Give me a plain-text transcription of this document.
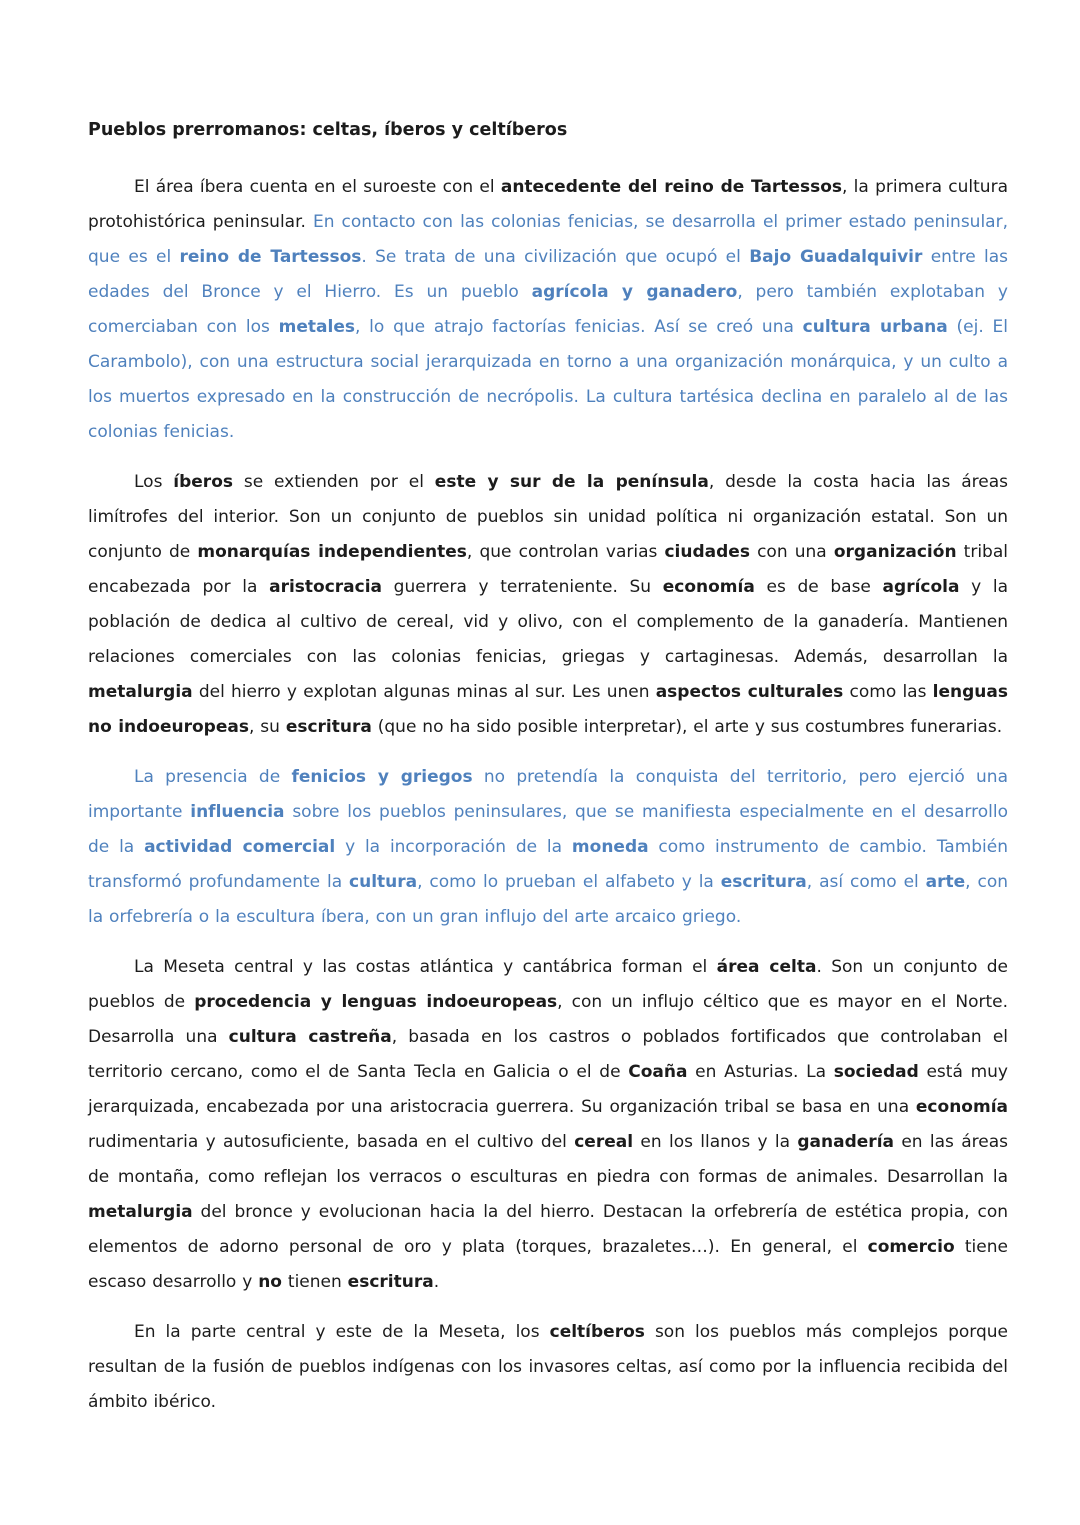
Pueblos prerromanos: celtas, íberos y celtíberos

El área íbera cuenta en el suroeste con el antecedente del reino de Tartessos, la primera cultura protohistórica peninsular. En contacto con las colonias fenicias, se desarrolla el primer estado peninsular, que es el reino de Tartessos. Se trata de una civilización que ocupó el Bajo Guadalquivir entre las edades del Bronce y el Hierro. Es un pueblo agrícola y ganadero, pero también explotaban y comerciaban con los metales, lo que atrajo factorías fenicias. Así se creó una cultura urbana (ej. El Carambolo), con una estructura social jerarquizada en torno a una organización monárquica, y un culto a los muertos expresado en la construcción de necrópolis. La cultura tartésica declina en paralelo al de las colonias fenicias.

Los íberos se extienden por el este y sur de la península, desde la costa hacia las áreas limítrofes del interior. Son un conjunto de pueblos sin unidad política ni organización estatal. Son un conjunto de monarquías independientes, que controlan varias ciudades con una organización tribal encabezada por la aristocracia guerrera y terrateniente. Su economía es de base agrícola y la población de dedica al cultivo de cereal, vid y olivo, con el complemento de la ganadería. Mantienen relaciones comerciales con las colonias fenicias, griegas y cartaginesas. Además, desarrollan la metalurgia del hierro y explotan algunas minas al sur. Les unen aspectos culturales como las lenguas no indoeuropeas, su escritura (que no ha sido posible interpretar), el arte y sus costumbres funerarias.

La presencia de fenicios y griegos no pretendía la conquista del territorio, pero ejerció una importante influencia sobre los pueblos peninsulares, que se manifiesta especialmente en el desarrollo de la actividad comercial y la incorporación de la moneda como instrumento de cambio. También transformó profundamente la cultura, como lo prueban el alfabeto y la escritura, así como el arte, con la orfebrería o la escultura íbera, con un gran influjo del arte arcaico griego.

La Meseta central y las costas atlántica y cantábrica forman el área celta. Son un conjunto de pueblos de procedencia y lenguas indoeuropeas, con un influjo céltico que es mayor en el Norte. Desarrolla una cultura castreña, basada en los castros o poblados fortificados que controlaban el territorio cercano, como el de Santa Tecla en Galicia o el de Coaña en Asturias. La sociedad está muy jerarquizada, encabezada por una aristocracia guerrera. Su organización tribal se basa en una economía rudimentaria y autosuficiente, basada en el cultivo del cereal en los llanos y la ganadería en las áreas de montaña, como reflejan los verracos o esculturas en piedra con formas de animales. Desarrollan la metalurgia del bronce y evolucionan hacia la del hierro. Destacan la orfebrería de estética propia, con elementos de adorno personal de oro y plata (torques, brazaletes…). En general, el comercio tiene escaso desarrollo y no tienen escritura.

En la parte central y este de la Meseta, los celtíberos son los pueblos más complejos porque resultan de la fusión de pueblos indígenas con los invasores celtas, así como por la influencia recibida del ámbito ibérico.
